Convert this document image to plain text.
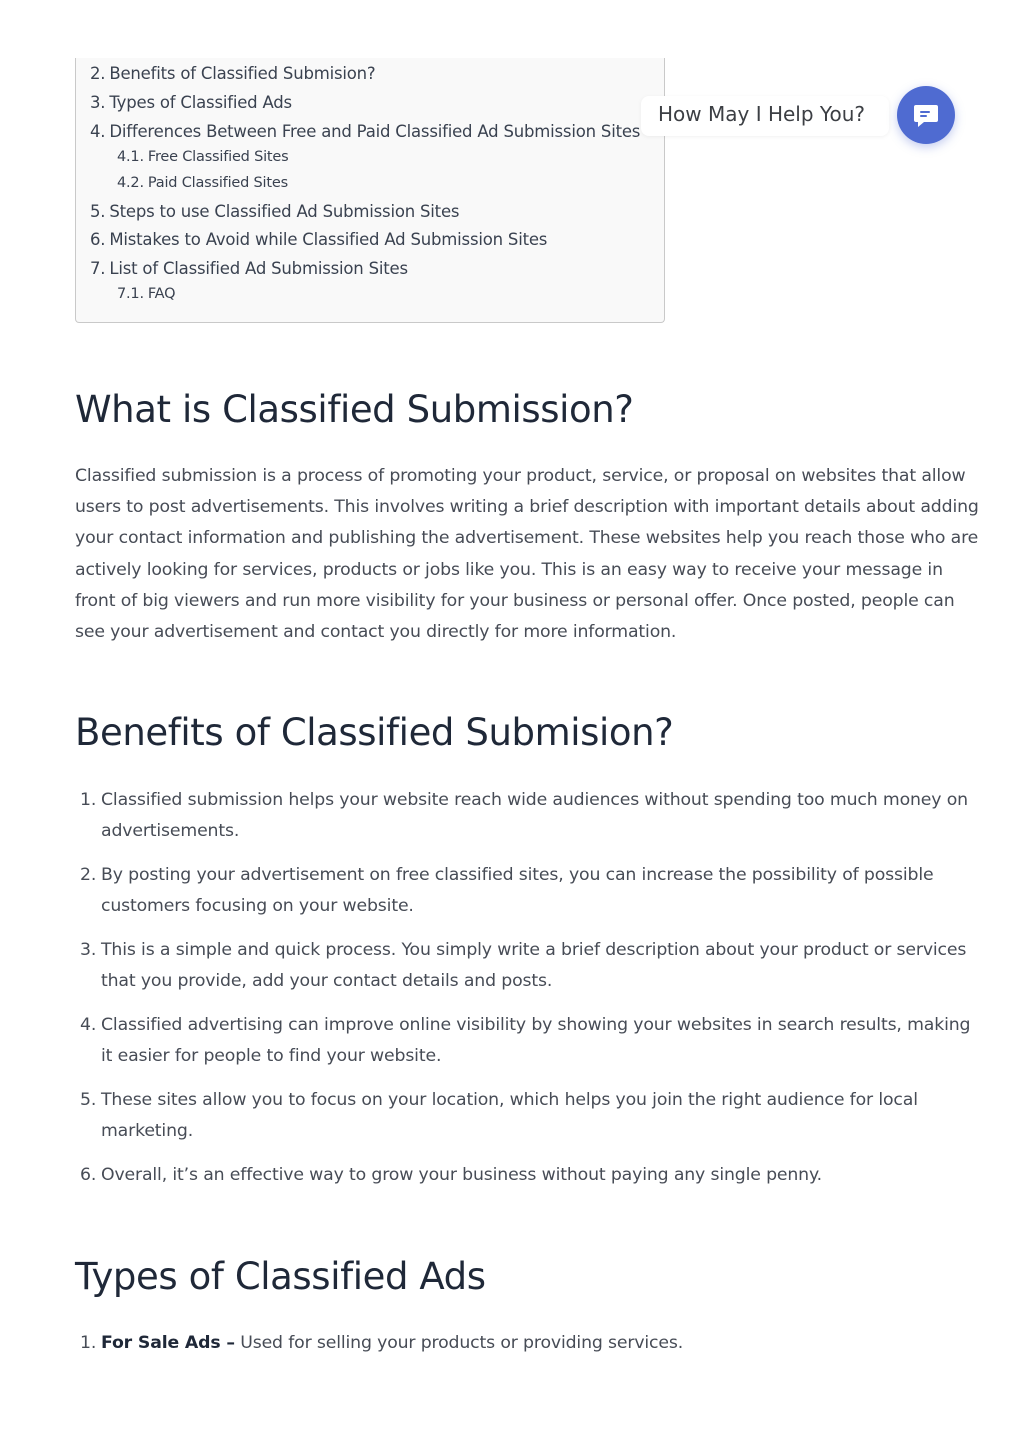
2. Benefits of Classified Submision?
3. Types of Classified Ads
4. Differences Between Free and Paid Classified Ad Submission Sites
4.1. Free Classified Sites
4.2. Paid Classified Sites
5. Steps to use Classified Ad Submission Sites
6. Mistakes to Avoid while Classified Ad Submission Sites
7. List of Classified Ad Submission Sites
7.1. FAQ
How May I Help You?
What is Classified Submission?

Classified submission is a process of promoting your product, service, or proposal on websites that allow users to post advertisements. This involves writing a brief description with important details about adding your contact information and publishing the advertisement. These websites help you reach those who are actively looking for services, products or jobs like you. This is an easy way to receive your message in front of big viewers and run more visibility for your business or personal offer. Once posted, people can see your advertisement and contact you directly for more information.

Benefits of Classified Submision?
1. Classified submission helps your website reach wide audiences without spending too much money on advertisements.
2. By posting your advertisement on free classified sites, you can increase the possibility of possible customers focusing on your website.
3. This is a simple and quick process. You simply write a brief description about your product or services that you provide, add your contact details and posts.
4. Classified advertising can improve online visibility by showing your websites in search results, making it easier for people to find your website.
5. These sites allow you to focus on your location, which helps you join the right audience for local marketing.
6. Overall, it’s an effective way to grow your business without paying any single penny.
Types of Classified Ads
1. For Sale Ads – Used for selling your products or providing services.
